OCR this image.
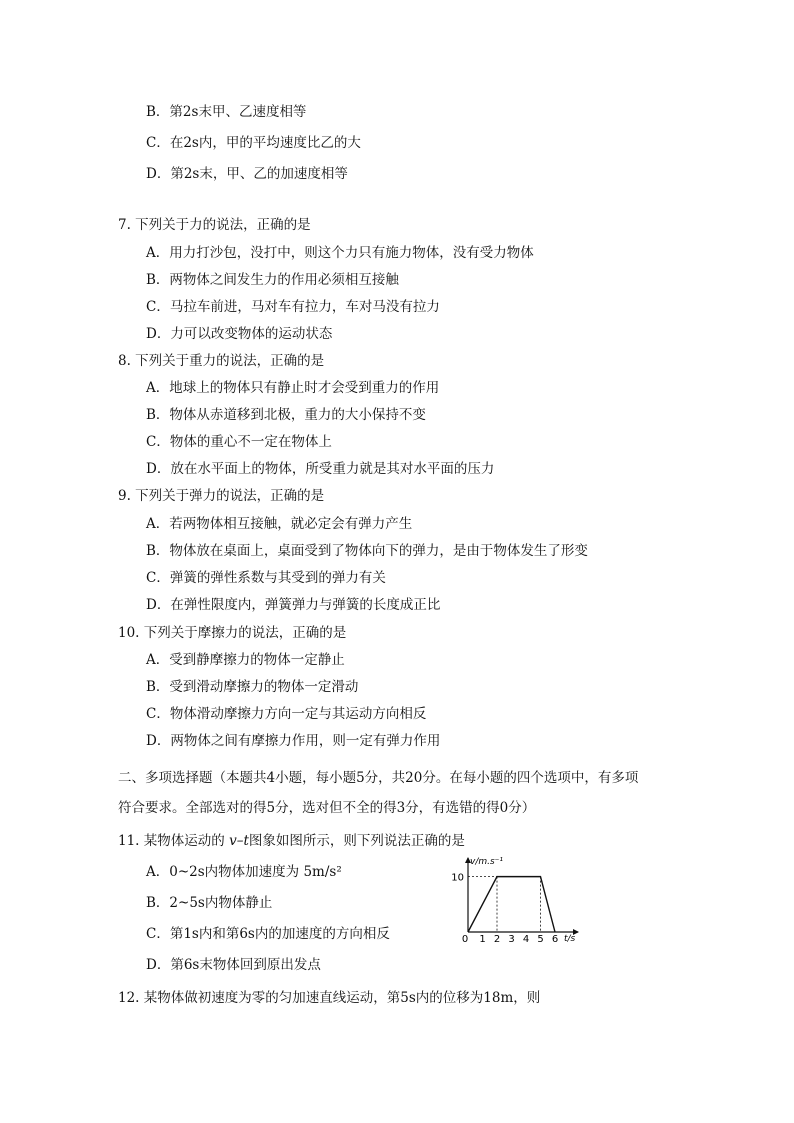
B．第2s末甲、乙速度相等
C．在2s内，甲的平均速度比乙的大
D．第2s末，甲、乙的加速度相等
7. 下列关于力的说法，正确的是
A．用力打沙包，没打中，则这个力只有施力物体，没有受力物体
B．两物体之间发生力的作用必须相互接触
C．马拉车前进，马对车有拉力，车对马没有拉力
D．力可以改变物体的运动状态
8. 下列关于重力的说法，正确的是
A．地球上的物体只有静止时才会受到重力的作用
B．物体从赤道移到北极，重力的大小保持不变
C．物体的重心不一定在物体上
D．放在水平面上的物体，所受重力就是其对水平面的压力
9. 下列关于弹力的说法，正确的是
A．若两物体相互接触，就必定会有弹力产生
B．物体放在桌面上，桌面受到了物体向下的弹力，是由于物体发生了形变
C．弹簧的弹性系数与其受到的弹力有关
D．在弹性限度内，弹簧弹力与弹簧的长度成正比
10. 下列关于摩擦力的说法，正确的是
A．受到静摩擦力的物体一定静止
B．受到滑动摩擦力的物体一定滑动
C．物体滑动摩擦力方向一定与其运动方向相反
D．两物体之间有摩擦力作用，则一定有弹力作用
二、多项选择题（本题共4小题，每小题5分，共20分。在每小题的四个选项中，有多项
符合要求。全部选对的得5分，选对但不全的得3分，有选错的得0分）
11. 某物体运动的 v–t图象如图所示，则下列说法正确的是
A．0~2s内物体加速度为 5m/s²
B．2~5s内物体静止
C．第1s内和第6s内的加速度的方向相反
D．第6s末物体回到原出发点
0 1 2 3 4 5 6
10
v/m.s⁻¹
t/s
12. 某物体做初速度为零的匀加速直线运动，第5s内的位移为18m，则
